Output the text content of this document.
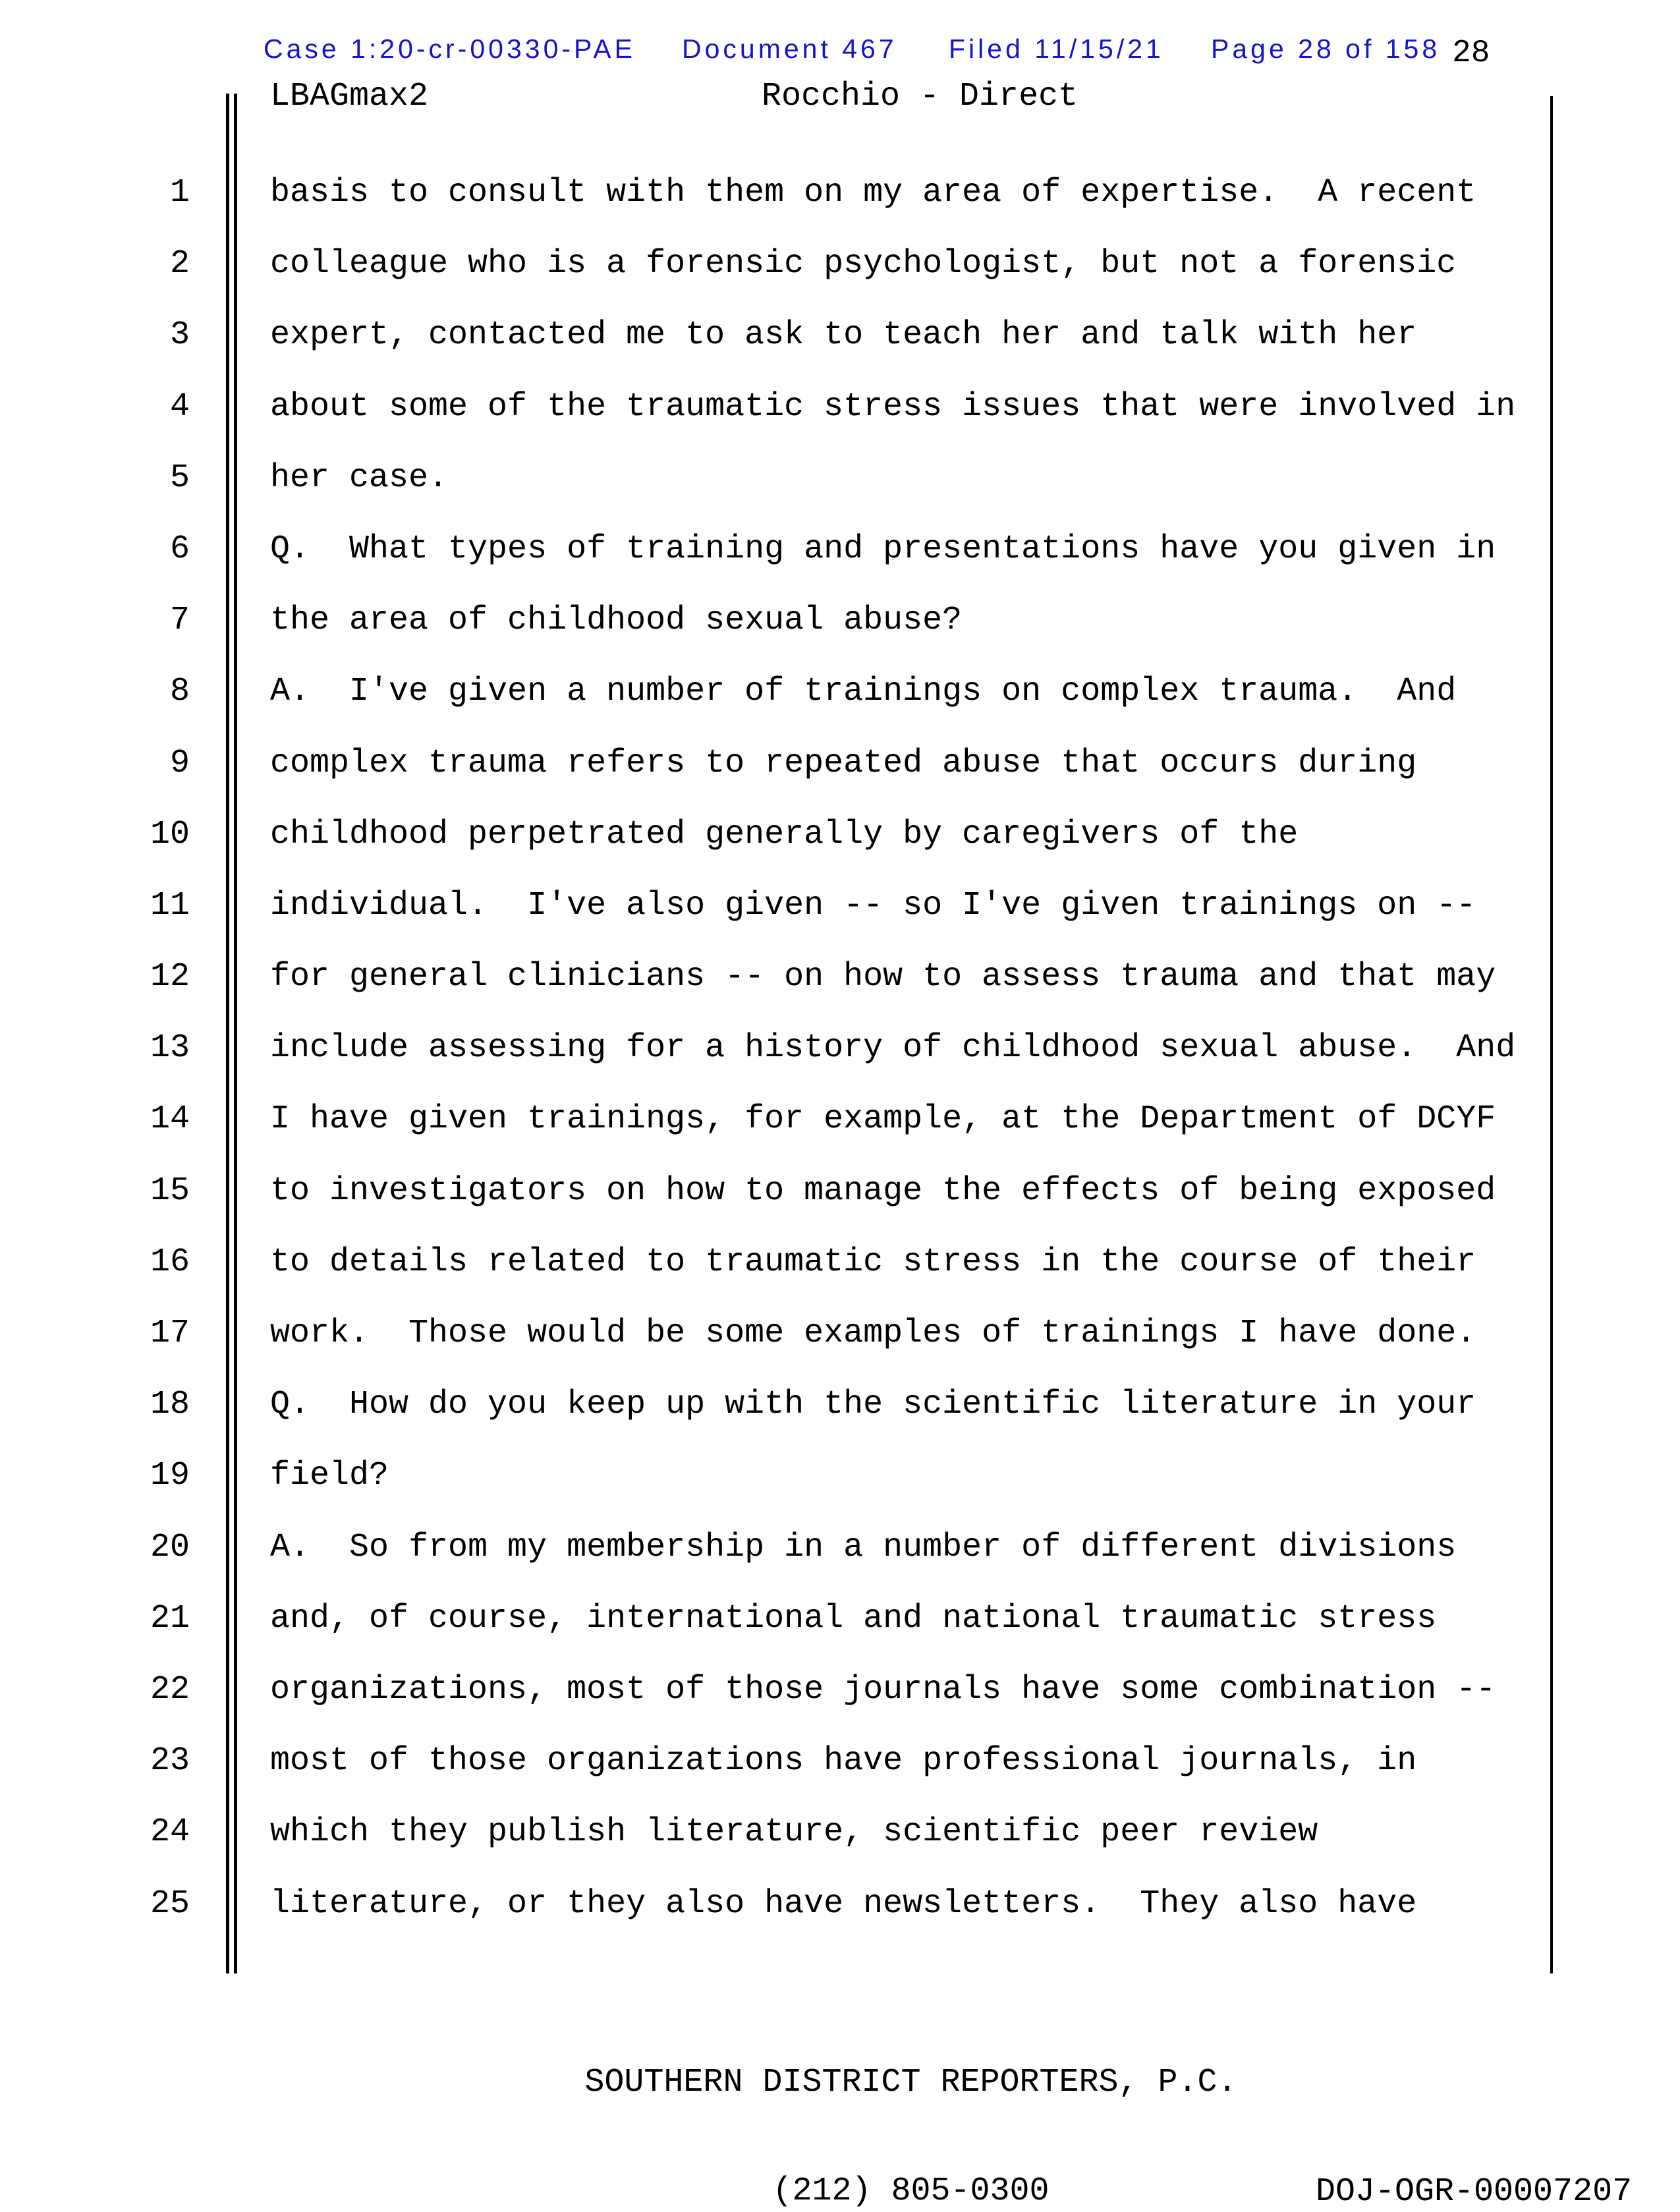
Case 1:20-cr-00330-PAE Document 467 Filed 11/15/21 Page 28 of 158 28
LBAGmax2	Rocchio - Direct
1
2
3
4
5
6
7
8
9
10
11
12
13
14
15
16
17
18
19
20
21
22
23
24
25
basis to consult with them on my area of expertise.  A recent
colleague who is a forensic psychologist, but not a forensic
expert, contacted me to ask to teach her and talk with her
about some of the traumatic stress issues that were involved in
her case.
Q.  What types of training and presentations have you given in
the area of childhood sexual abuse?
A.  I've given a number of trainings on complex trauma.  And
complex trauma refers to repeated abuse that occurs during
childhood perpetrated generally by caregivers of the
individual.  I've also given -- so I've given trainings on --
for general clinicians -- on how to assess trauma and that may
include assessing for a history of childhood sexual abuse.  And
I have given trainings, for example, at the Department of DCYF
to investigators on how to manage the effects of being exposed
to details related to traumatic stress in the course of their
work.  Those would be some examples of trainings I have done.
Q.  How do you keep up with the scientific literature in your
field?
A.  So from my membership in a number of different divisions
and, of course, international and national traumatic stress
organizations, most of those journals have some combination --
most of those organizations have professional journals, in
which they publish literature, scientific peer review
literature, or they also have newsletters.  They also have

SOUTHERN DISTRICT REPORTERS, P.C.

(212) 805-0300

	DOJ-OGR-00007207
